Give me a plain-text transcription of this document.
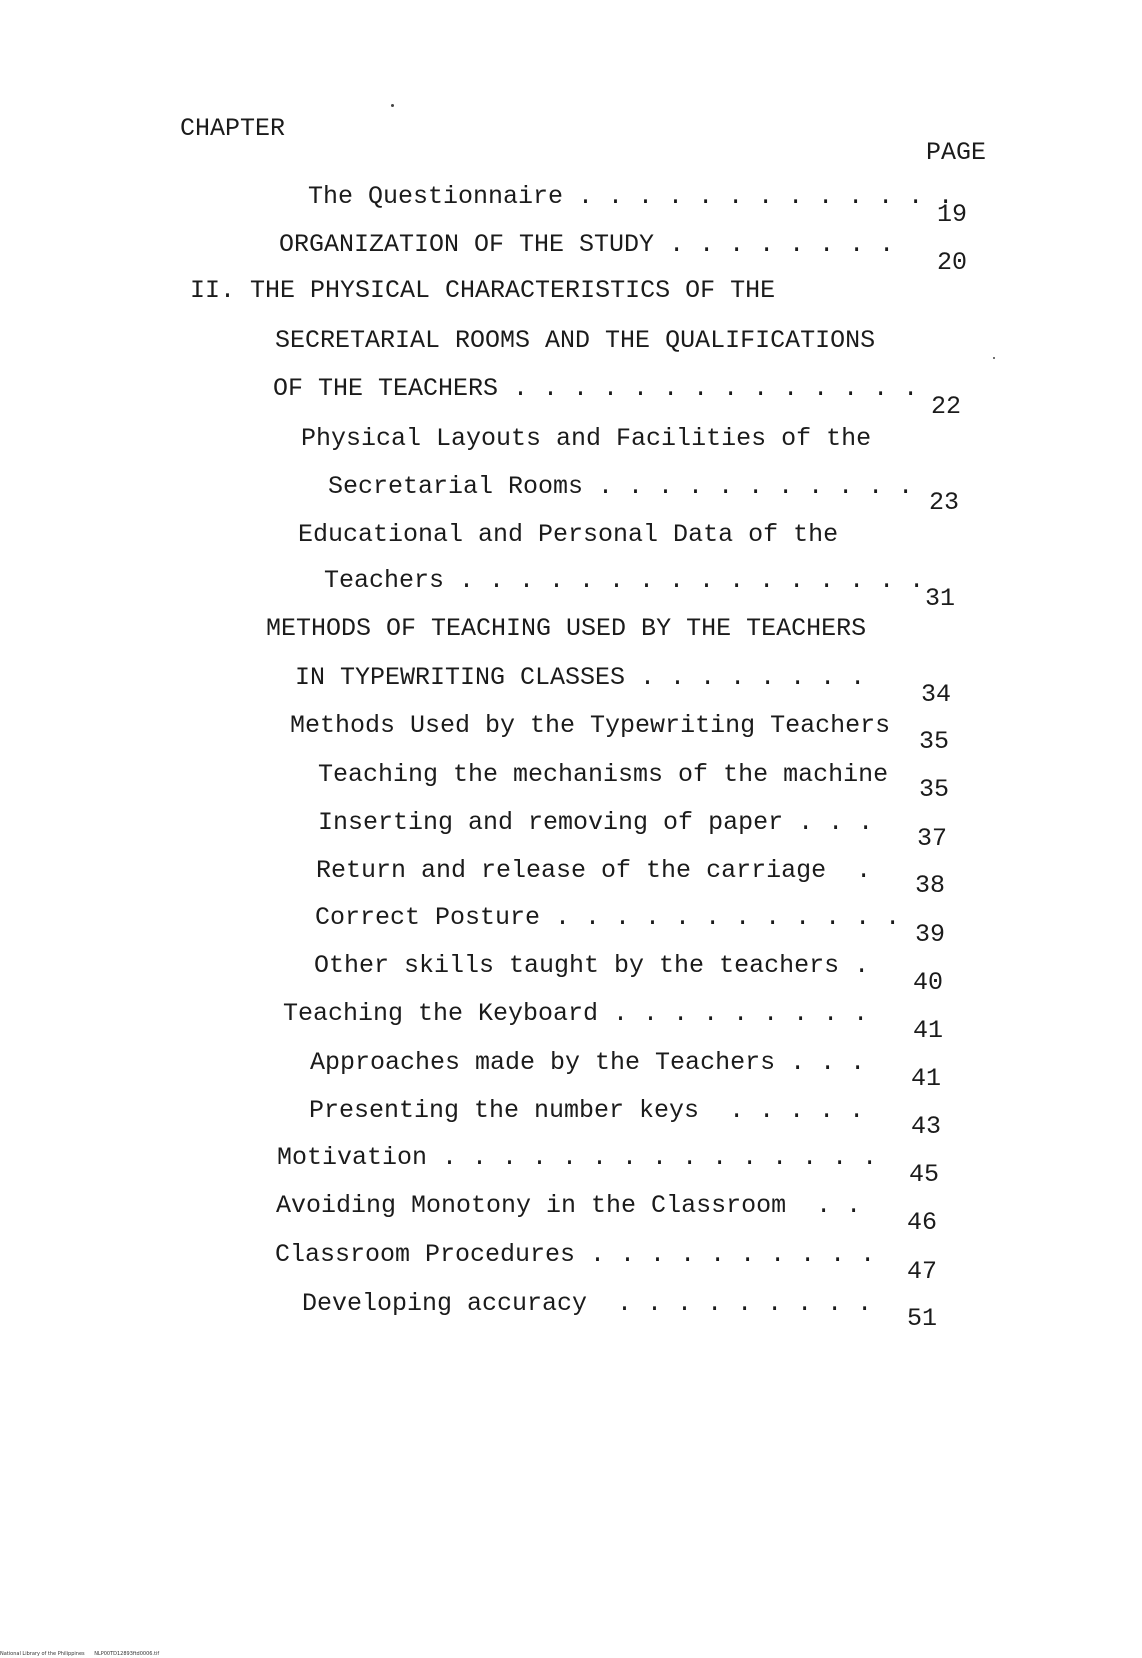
CHAPTER
PAGE
The Questionnaire . . . . . . . . . . . . .
19
ORGANIZATION OF THE STUDY . . . . . . . .
20
II. THE PHYSICAL CHARACTERISTICS OF THE
SECRETARIAL ROOMS AND THE QUALIFICATIONS
OF THE TEACHERS . . . . . . . . . . . . . .
22
Physical Layouts and Facilities of the
Secretarial Rooms . . . . . . . . . . .
23
Educational and Personal Data of the
Teachers . . . . . . . . . . . . . . . .
31
METHODS OF TEACHING USED BY THE TEACHERS
IN TYPEWRITING CLASSES . . . . . . . .
34
Methods Used by the Typewriting Teachers
35
Teaching the mechanisms of the machine
35
Inserting and removing of paper . . .
37
Return and release of the carriage  .
38
Correct Posture . . . . . . . . . . . .
39
Other skills taught by the teachers .
40
Teaching the Keyboard . . . . . . . . .
41
Approaches made by the Teachers . . .
41
Presenting the number keys  . . . . .
43
Motivation . . . . . . . . . . . . . . .
45
Avoiding Monotony in the Classroom  . .
46
Classroom Procedures . . . . . . . . . .
47
Developing accuracy  . . . . . . . . .
51
National Library of the Philippines NLP00TD12893ftd0006.tif
